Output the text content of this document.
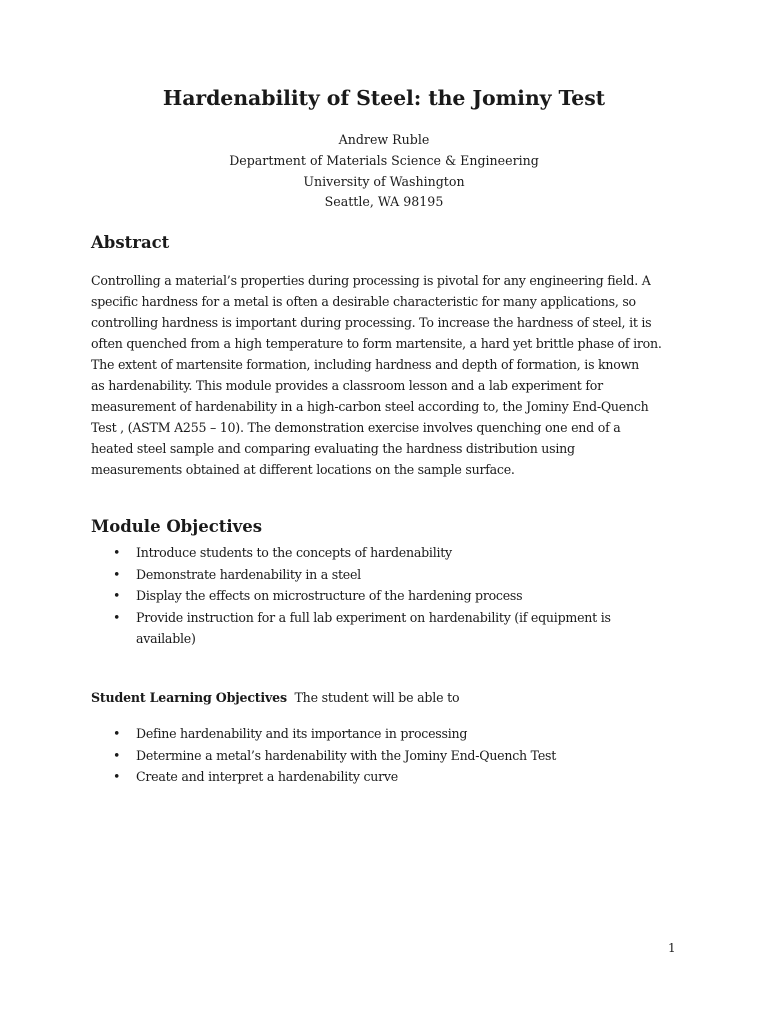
Hardenability of Steel: the Jominy Test
Andrew Ruble
Department of Materials Science & Engineering
University of Washington
Seattle, WA 98195
Abstract
Controlling a material’s properties during processing is pivotal for any engineering field. A
specific hardness for a metal is often a desirable characteristic for many applications, so
controlling hardness is important during processing. To increase the hardness of steel, it is
often quenched from a high temperature to form martensite, a hard yet brittle phase of iron.
The extent of martensite formation, including hardness and depth of formation, is known
as hardenability. This module provides a classroom lesson and a lab experiment for
measurement of hardenability in a high-carbon steel according to, the Jominy End-Quench
Test , (ASTM A255 – 10). The demonstration exercise involves quenching one end of a
heated steel sample and comparing evaluating the hardness distribution using
measurements obtained at different locations on the sample surface.
Module Objectives
• Introduce students to the concepts of hardenability
• Demonstrate hardenability in a steel
• Display the effects on microstructure of the hardening process
• Provide instruction for a full lab experiment on hardenability (if equipment is
available)
Student Learning Objectives The student will be able to
• Define hardenability and its importance in processing
• Determine a metal’s hardenability with the Jominy End-Quench Test
• Create and interpret a hardenability curve
1
